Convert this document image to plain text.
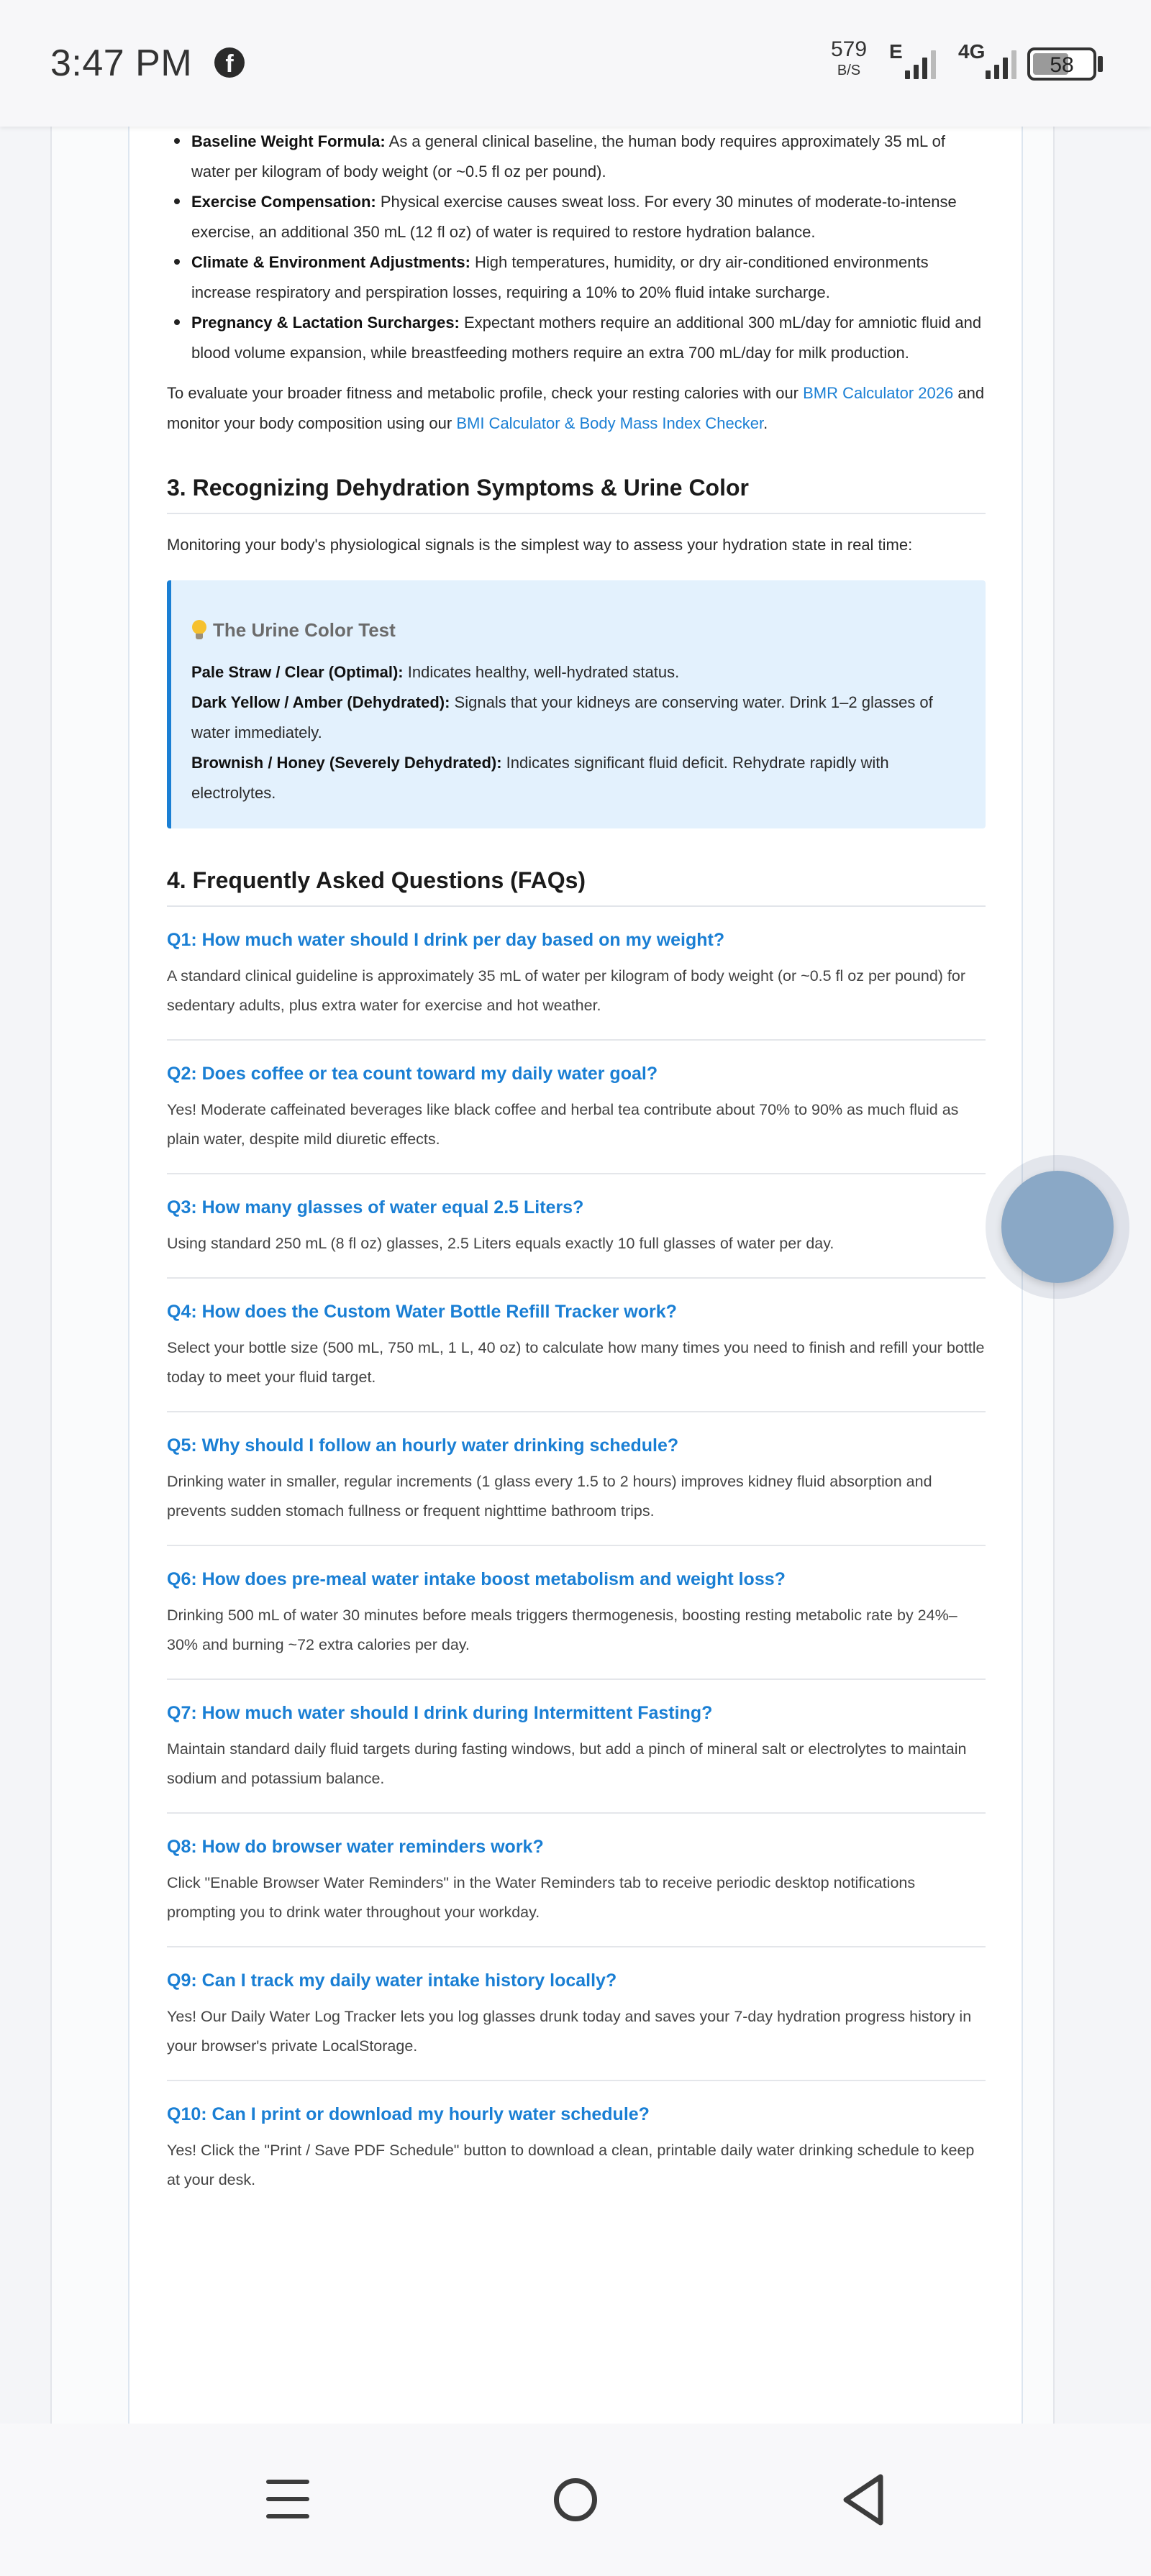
3:47 PM	f
579
B/S
E	4G
58
Baseline Weight Formula: As a general clinical baseline, the human body requires approximately 35 mL of water per kilogram of body weight (or ~0.5 fl oz per pound).
Exercise Compensation: Physical exercise causes sweat loss. For every 30 minutes of moderate-to-intense exercise, an additional 350 mL (12 fl oz) of water is required to restore hydration balance.
Climate & Environment Adjustments: High temperatures, humidity, or dry air-conditioned environments increase respiratory and perspiration losses, requiring a 10% to 20% fluid intake surcharge.
Pregnancy & Lactation Surcharges: Expectant mothers require an additional 300 mL/day for amniotic fluid and blood volume expansion, while breastfeeding mothers require an extra 700 mL/day for milk production.

To evaluate your broader fitness and metabolic profile, check your resting calories with our BMR Calculator 2026 and monitor your body composition using our BMI Calculator & Body Mass Index Checker.

3. Recognizing Dehydration Symptoms & Urine Color

Monitoring your body's physiological signals is the simplest way to assess your hydration state in real time:

The Urine Color Test
Pale Straw / Clear (Optimal): Indicates healthy, well-hydrated status.
Dark Yellow / Amber (Dehydrated): Signals that your kidneys are conserving water. Drink 1–2 glasses of water immediately.
Brownish / Honey (Severely Dehydrated): Indicates significant fluid deficit. Rehydrate rapidly with electrolytes.
4. Frequently Asked Questions (FAQs)
Q1: How much water should I drink per day based on my weight?
A standard clinical guideline is approximately 35 mL of water per kilogram of body weight (or ~0.5 fl oz per pound) for sedentary adults, plus extra water for exercise and hot weather.
Q2: Does coffee or tea count toward my daily water goal?
Yes! Moderate caffeinated beverages like black coffee and herbal tea contribute about 70% to 90% as much fluid as plain water, despite mild diuretic effects.
Q3: How many glasses of water equal 2.5 Liters?
Using standard 250 mL (8 fl oz) glasses, 2.5 Liters equals exactly 10 full glasses of water per day.
Q4: How does the Custom Water Bottle Refill Tracker work?
Select your bottle size (500 mL, 750 mL, 1 L, 40 oz) to calculate how many times you need to finish and refill your bottle today to meet your fluid target.
Q5: Why should I follow an hourly water drinking schedule?
Drinking water in smaller, regular increments (1 glass every 1.5 to 2 hours) improves kidney fluid absorption and prevents sudden stomach fullness or frequent nighttime bathroom trips.
Q6: How does pre-meal water intake boost metabolism and weight loss?
Drinking 500 mL of water 30 minutes before meals triggers thermogenesis, boosting resting metabolic rate by 24%–30% and burning ~72 extra calories per day.
Q7: How much water should I drink during Intermittent Fasting?
Maintain standard daily fluid targets during fasting windows, but add a pinch of mineral salt or electrolytes to maintain sodium and potassium balance.
Q8: How do browser water reminders work?
Click "Enable Browser Water Reminders" in the Water Reminders tab to receive periodic desktop notifications prompting you to drink water throughout your workday.
Q9: Can I track my daily water intake history locally?
Yes! Our Daily Water Log Tracker lets you log glasses drunk today and saves your 7-day hydration progress history in your browser's private LocalStorage.
Q10: Can I print or download my hourly water schedule?
Yes! Click the "Print / Save PDF Schedule" button to download a clean, printable daily water drinking schedule to keep at your desk.
